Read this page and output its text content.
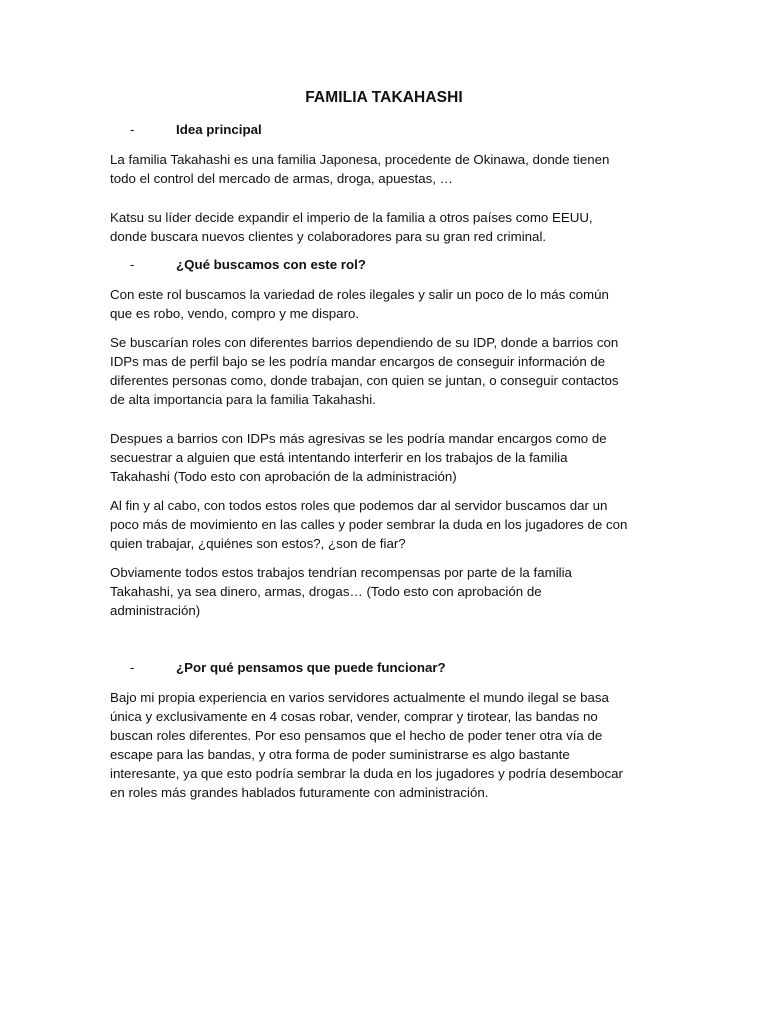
FAMILIA TAKAHASHI
-	Idea principal
La familia Takahashi es una familia Japonesa, procedente de Okinawa, donde tienen
todo el control del mercado de armas, droga, apuestas, …
Katsu su líder decide expandir el imperio de la familia a otros países como EEUU,
donde buscara nuevos clientes y colaboradores para su gran red criminal.
-	¿Qué buscamos con este rol?
Con este rol buscamos la variedad de roles ilegales y salir un poco de lo más común
que es robo, vendo, compro y me disparo.
Se buscarían roles con diferentes barrios dependiendo de su IDP, donde a barrios con
IDPs mas de perfil bajo se les podría mandar encargos de conseguir información de
diferentes personas como, donde trabajan, con quien se juntan, o conseguir contactos
de alta importancia para la familia Takahashi.
Despues a barrios con IDPs más agresivas se les podría mandar encargos como de
secuestrar a alguien que está intentando interferir en los trabajos de la familia
Takahashi (Todo esto con aprobación de la administración)
Al fin y al cabo, con todos estos roles que podemos dar al servidor buscamos dar un
poco más de movimiento en las calles y poder sembrar la duda en los jugadores de con
quien trabajar, ¿quiénes son estos?, ¿son de fiar?
Obviamente todos estos trabajos tendrían recompensas por parte de la familia
Takahashi, ya sea dinero, armas, drogas… (Todo esto con aprobación de
administración)
-	¿Por qué pensamos que puede funcionar?
Bajo mi propia experiencia en varios servidores actualmente el mundo ilegal se basa
única y exclusivamente en 4 cosas robar, vender, comprar y tirotear, las bandas no
buscan roles diferentes. Por eso pensamos que el hecho de poder tener otra vía de
escape para las bandas, y otra forma de poder suministrarse es algo bastante
interesante, ya que esto podría sembrar la duda en los jugadores y podría desembocar
en roles más grandes hablados futuramente con administración.
